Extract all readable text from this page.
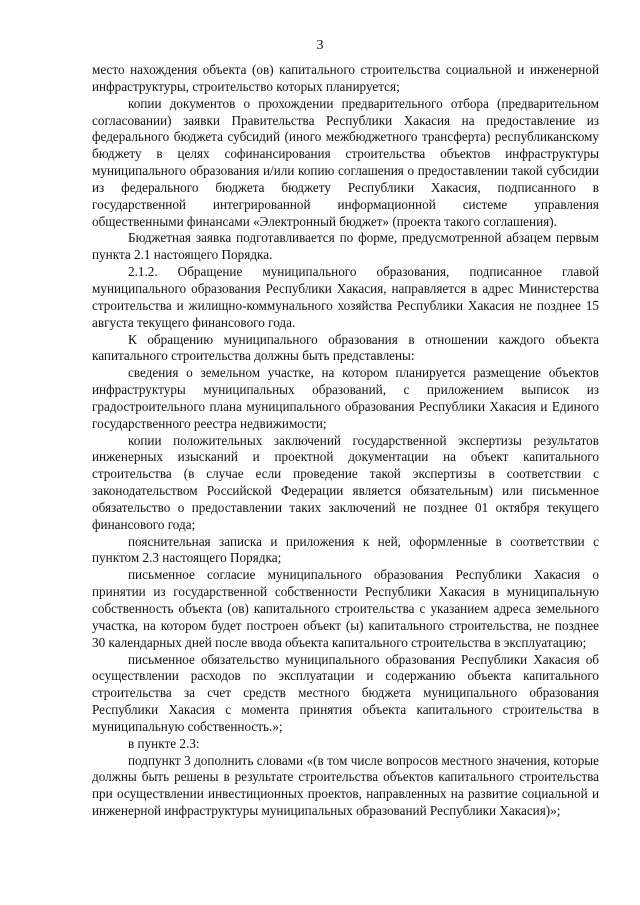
3

место нахождения объекта (ов) капитального строительства социальной и инженерной инфраструктуры, строительство которых планируется;

копии документов о прохождении предварительного отбора (предварительном согласовании) заявки Правительства Республики Хакасия на предоставление из федерального бюджета субсидий (иного межбюджетного трансферта) республиканскому бюджету в целях софинансирования строительства объектов инфраструктуры муниципального образования и/или копию соглашения о предоставлении такой субсидии из федерального бюджета бюджету Республики Хакасия, подписанного в государственной интегрированной информационной системе управления общественными финансами «Электронный бюджет» (проекта такого соглашения).

Бюджетная заявка подготавливается по форме, предусмотренной абзацем первым пункта 2.1 настоящего Порядка.

2.1.2. Обращение муниципального образования, подписанное главой муниципального образования Республики Хакасия, направляется в адрес Министерства строительства и жилищно-коммунального хозяйства Республики Хакасия не позднее 15 августа текущего финансового года.

К обращению муниципального образования в отношении каждого объекта капитального строительства должны быть представлены:

сведения о земельном участке, на котором планируется размещение объектов инфраструктуры муниципальных образований, с приложением выписок из градостроительного плана муниципального образования Республики Хакасия и Единого государственного реестра недвижимости;

копии положительных заключений государственной экспертизы результатов инженерных изысканий и проектной документации на объект капитального строительства (в случае если проведение такой экспертизы в соответствии с законодательством Российской Федерации является обязательным) или письменное обязательство о предоставлении таких заключений не позднее 01 октября текущего финансового года;

пояснительная записка и приложения к ней, оформленные в соответствии с пунктом 2.3 настоящего Порядка;

письменное согласие муниципального образования Республики Хакасия о принятии из государственной собственности Республики Хакасия в муниципальную собственность объекта (ов) капитального строительства с указанием адреса земельного участка, на котором будет построен объект (ы) капитального строительства, не позднее 30 календарных дней после ввода объекта капитального строительства в эксплуатацию;

письменное обязательство муниципального образования Республики Хакасия об осуществлении расходов по эксплуатации и содержанию объекта капитального строительства за счет средств местного бюджета муниципального образования Республики Хакасия с момента принятия объекта капитального строительства в муниципальную собственность.»;

в пункте 2.3:

подпункт 3 дополнить словами «(в том числе вопросов местного значения, которые должны быть решены в результате строительства объектов капитального строительства при осуществлении инвестиционных проектов, направленных на развитие социальной и инженерной инфраструктуры муниципальных образований Республики Хакасия)»;
